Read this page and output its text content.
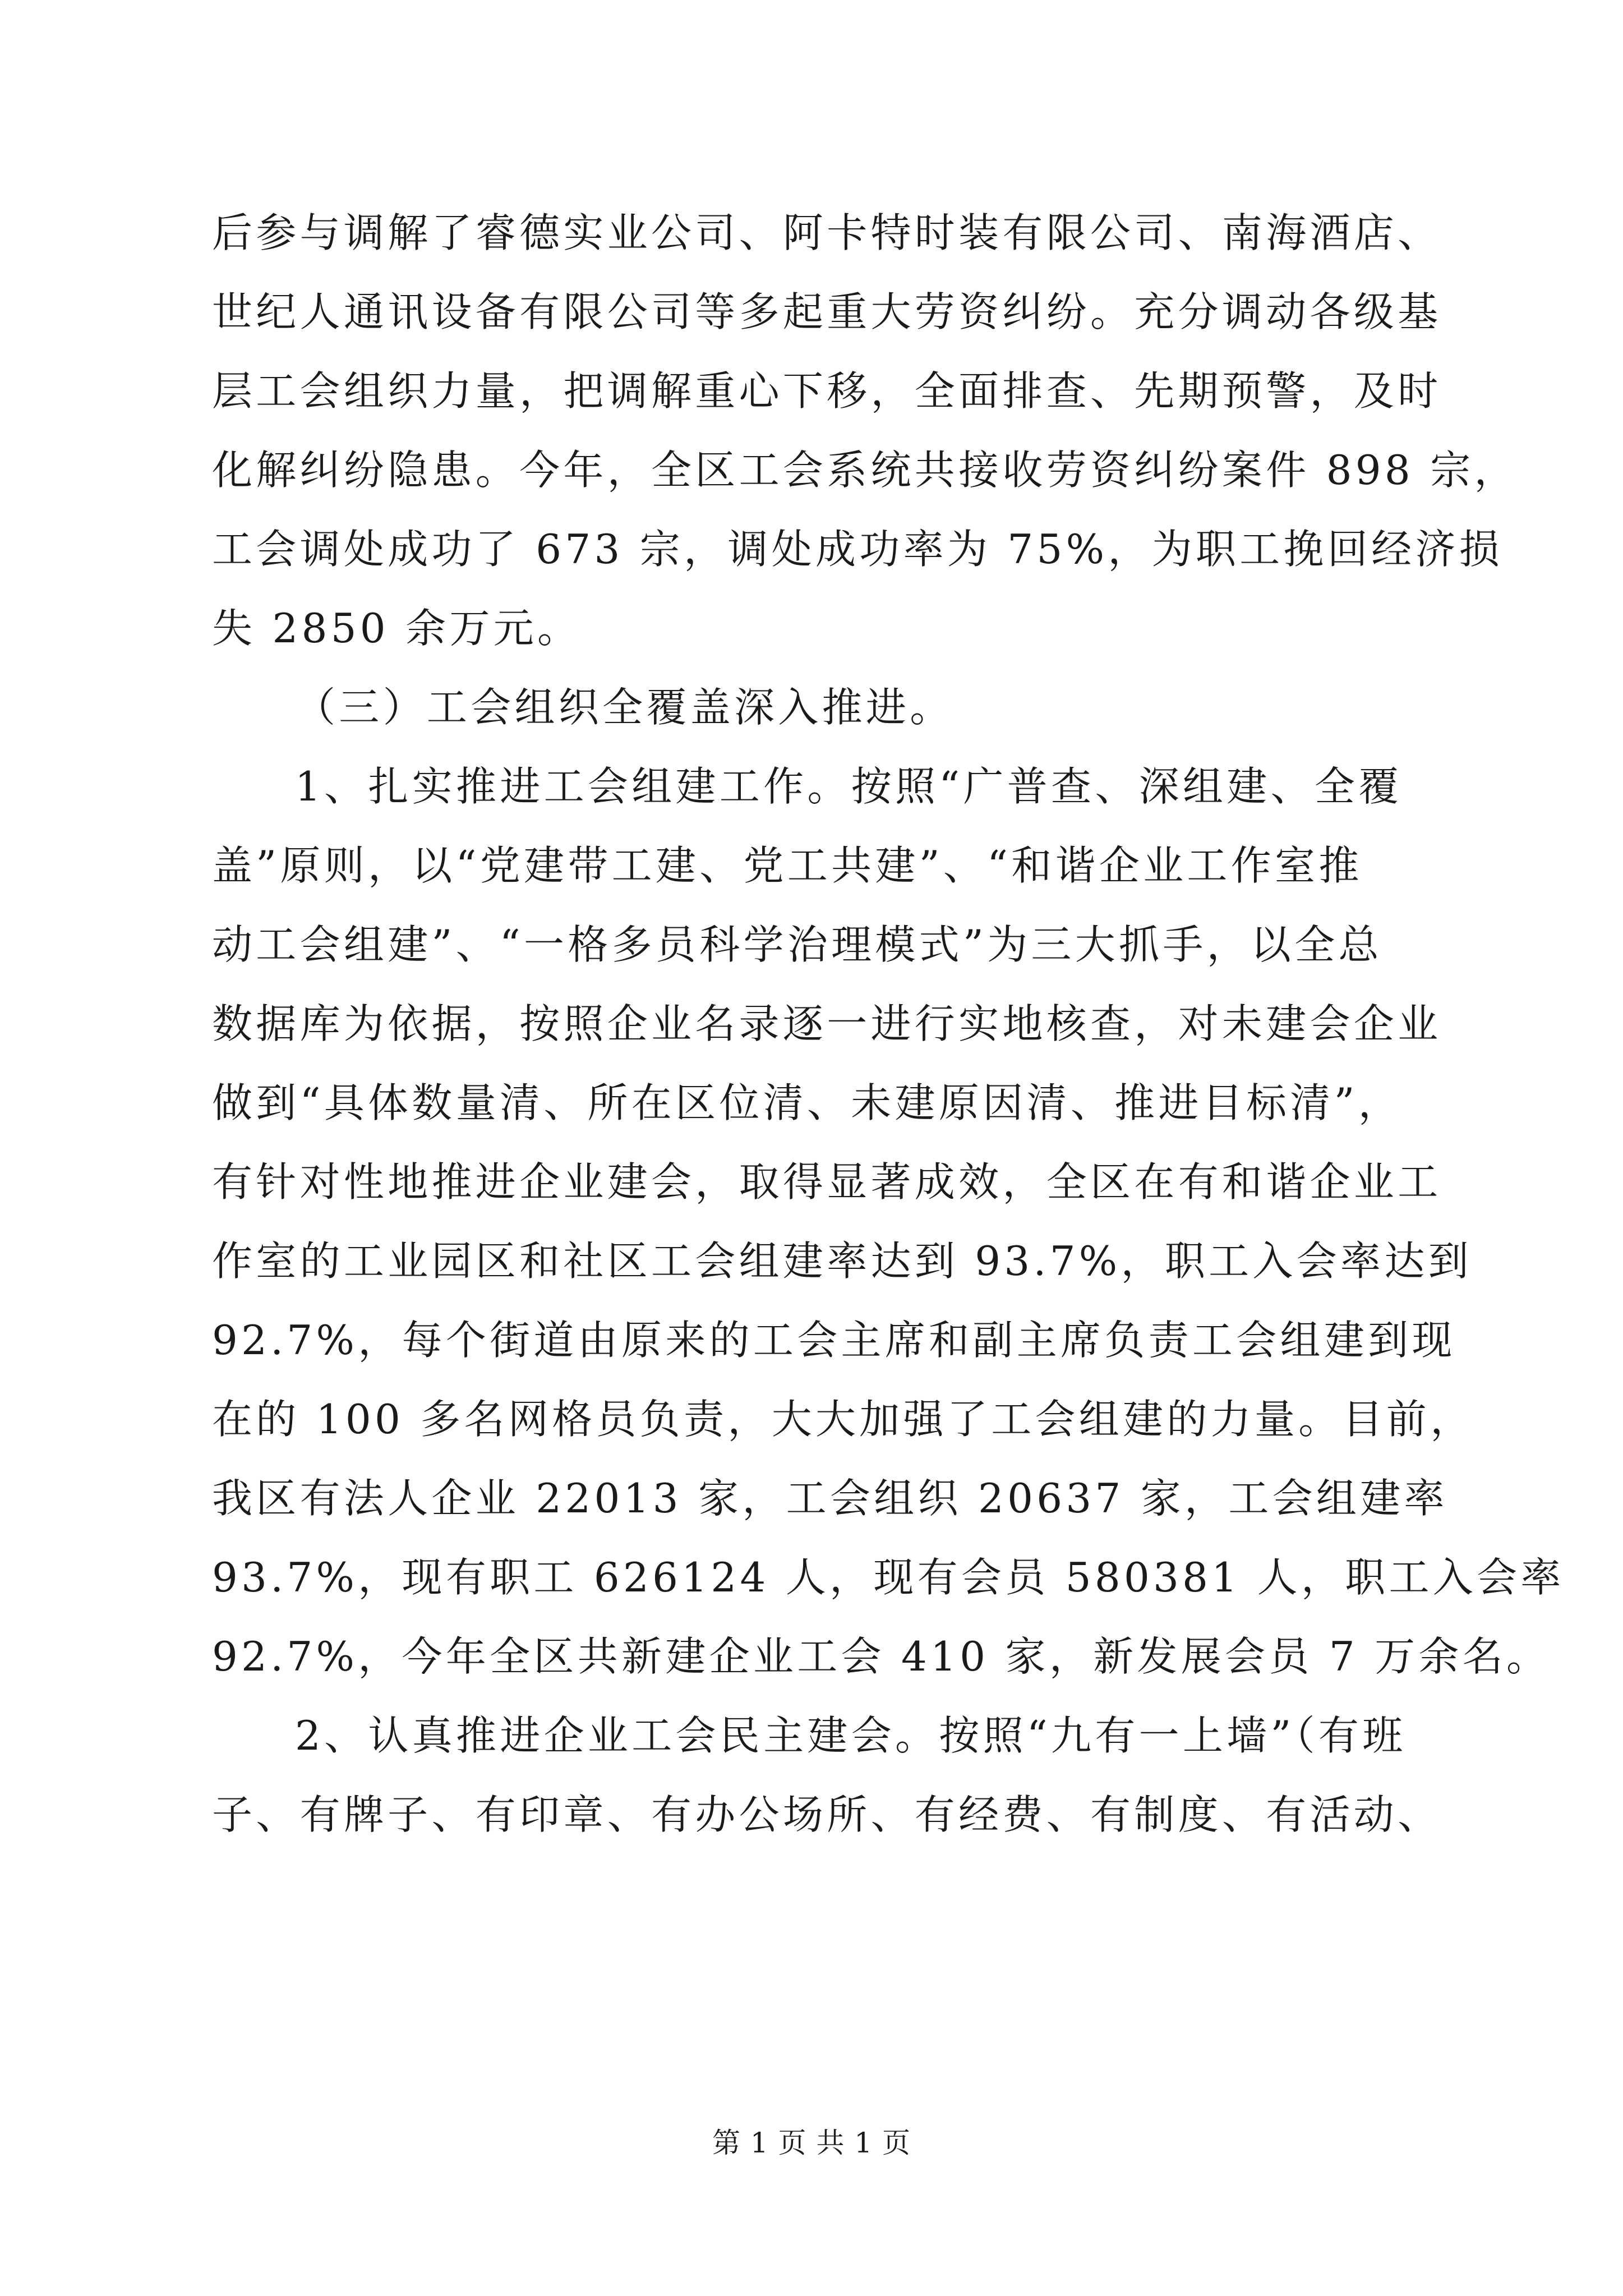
后参与调解了睿德实业公司、阿卡特时装有限公司、南海酒店、
世纪人通讯设备有限公司等多起重大劳资纠纷。充分调动各级基
层工会组织力量，把调解重心下移，全面排查、先期预警，及时
化解纠纷隐患。今年，全区工会系统共接收劳资纠纷案件 898 宗，
工会调处成功了 673 宗，调处成功率为 75%，为职工挽回经济损
失 2850 余万元。
（三）工会组织全覆盖深入推进。
1、扎实推进工会组建工作。按照“广普查、深组建、全覆
盖”原则，以“党建带工建、党工共建”、“和谐企业工作室推
动工会组建”、“一格多员科学治理模式”为三大抓手，以全总
数据库为依据，按照企业名录逐一进行实地核查，对未建会企业
做到“具体数量清、所在区位清、未建原因清、推进目标清”，
有针对性地推进企业建会，取得显著成效，全区在有和谐企业工
作室的工业园区和社区工会组建率达到 93.7%，职工入会率达到
92.7%，每个街道由原来的工会主席和副主席负责工会组建到现
在的 100 多名网格员负责，大大加强了工会组建的力量。目前，
我区有法人企业 22013 家，工会组织 20637 家，工会组建率
93.7%，现有职工 626124 人，现有会员 580381 人，职工入会率
92.7%，今年全区共新建企业工会 410 家，新发展会员 7 万余名。
2、认真推进企业工会民主建会。按照“九有一上墙”（有班
子、有牌子、有印章、有办公场所、有经费、有制度、有活动、
第 1 页 共 1 页
